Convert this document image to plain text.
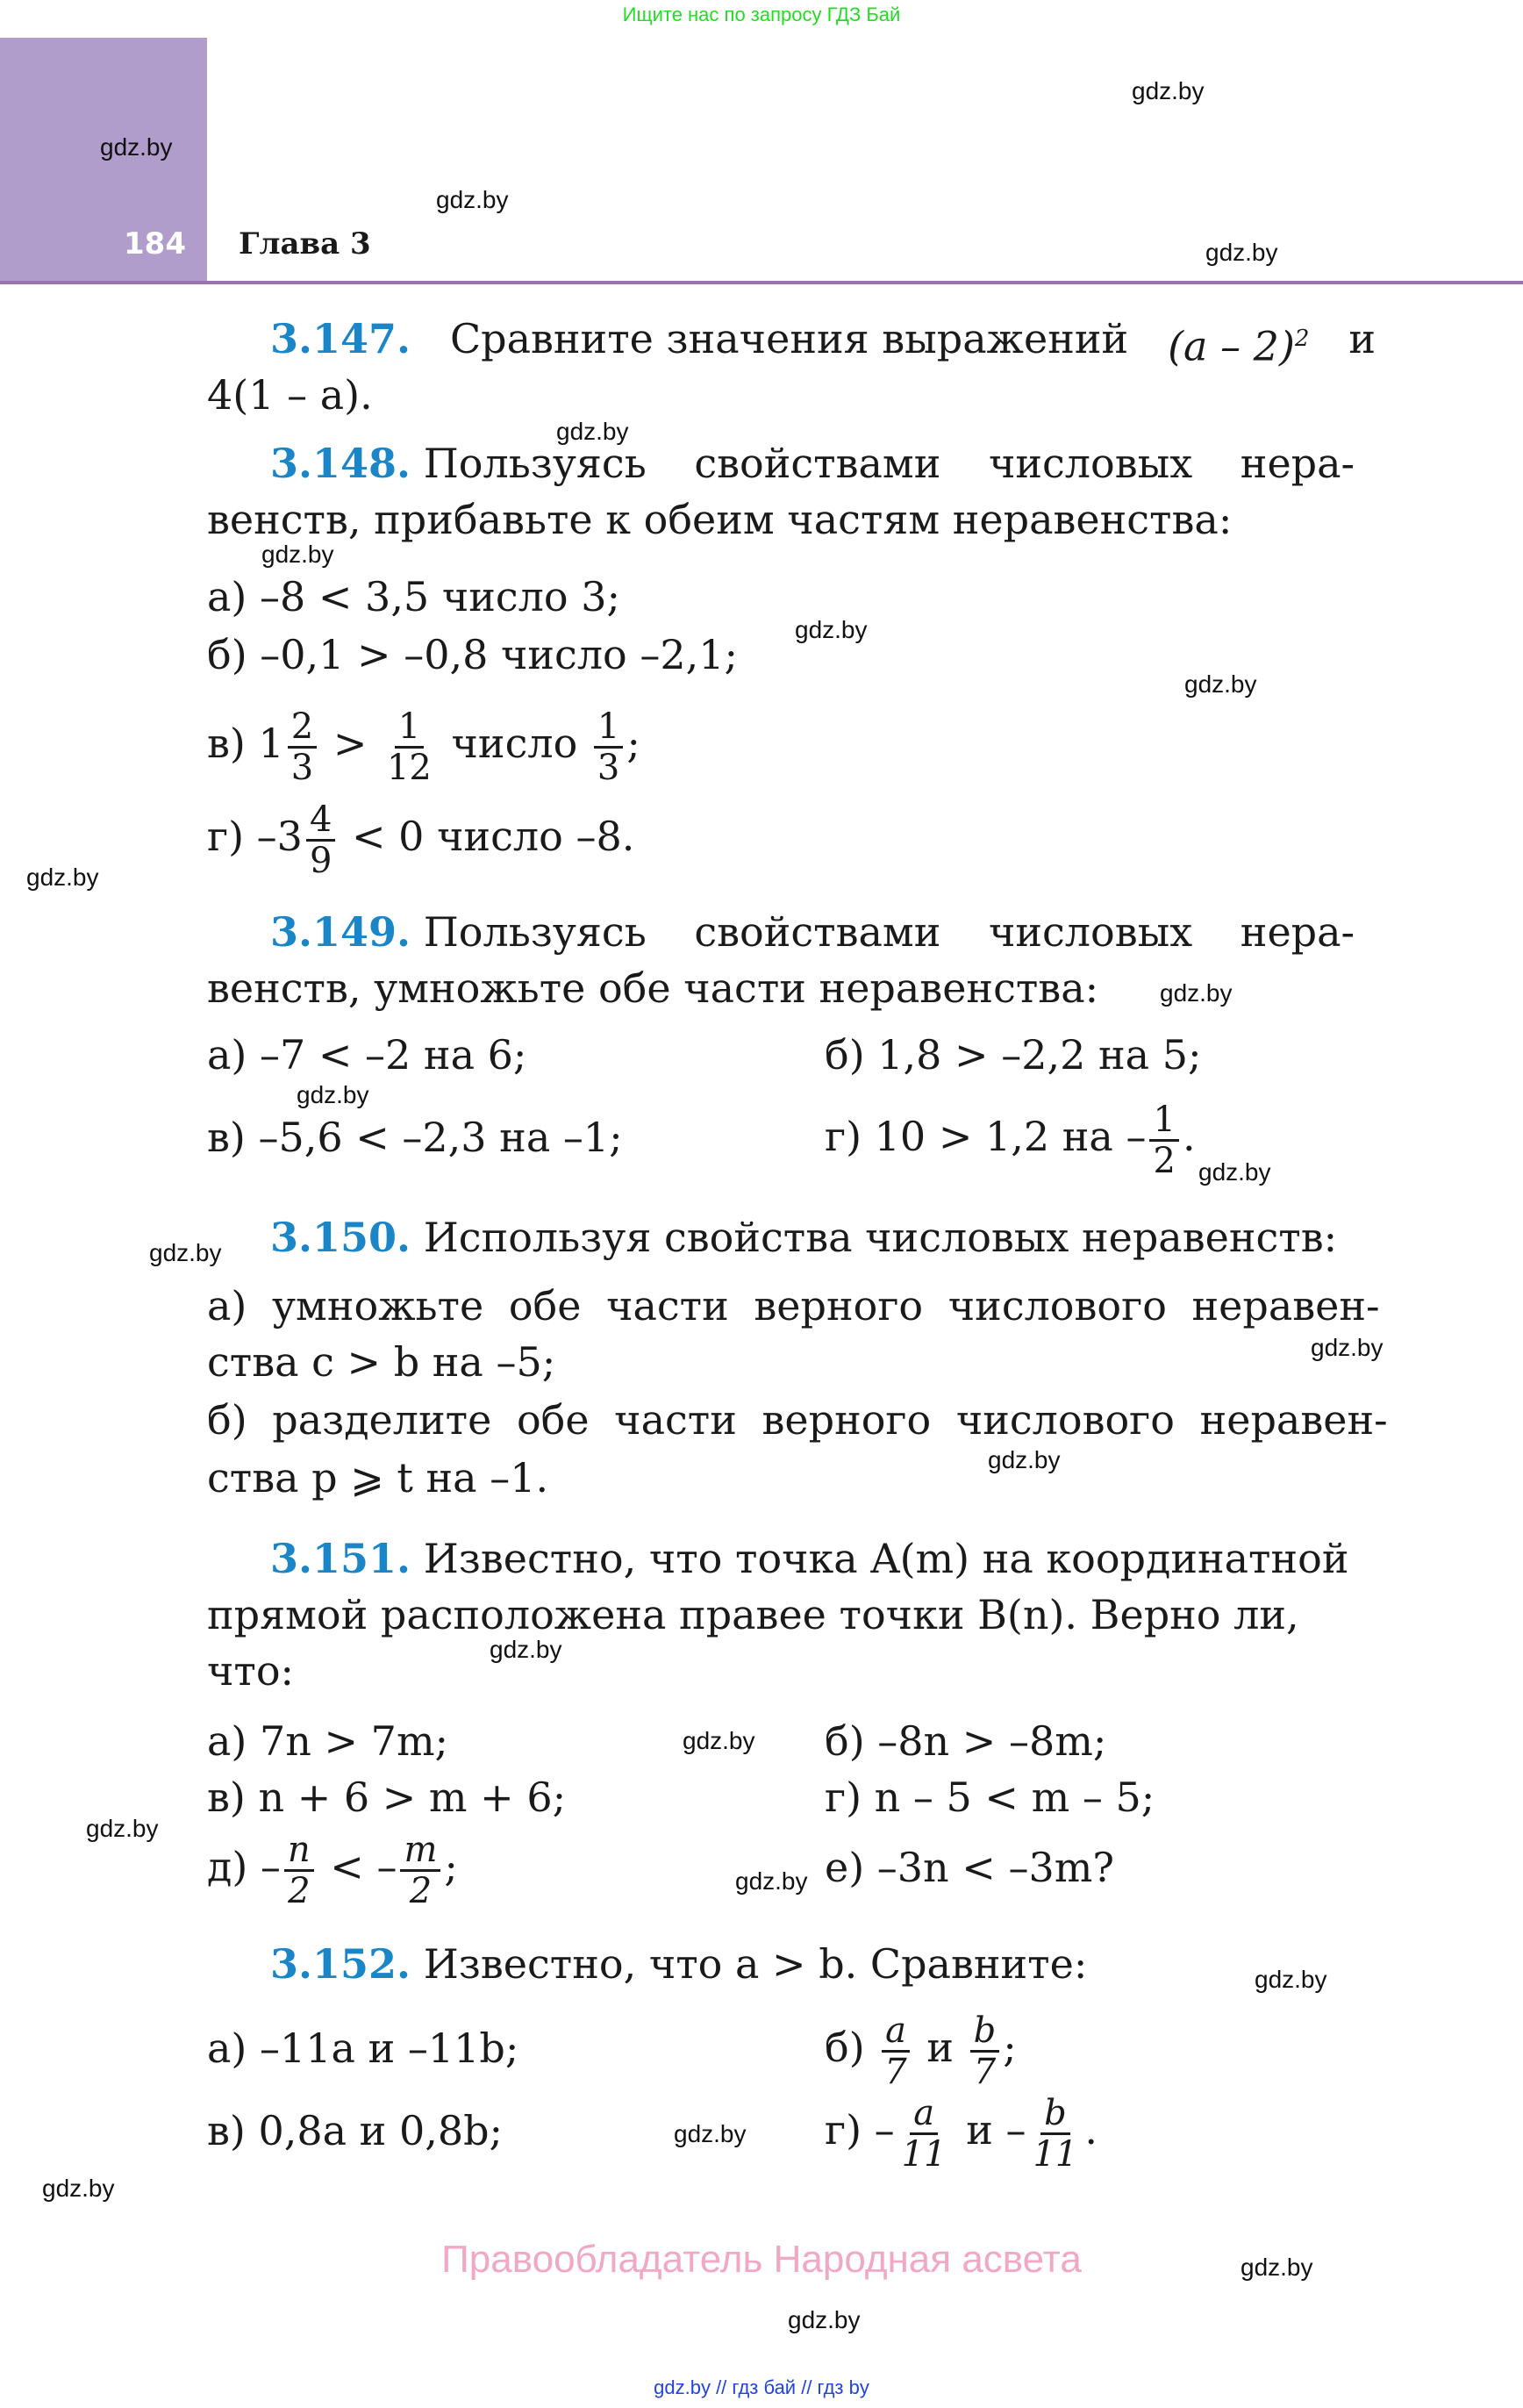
Ищите нас по запросу ГДЗ Бай
184 Глава 3
gdz.by
gdz.by
gdz.by
gdz.by
gdz.by
gdz.by
gdz.by
gdz.by
gdz.by
gdz.by
gdz.by
gdz.by
gdz.by
gdz.by
gdz.by
gdz.by
gdz.by
gdz.by
gdz.by
gdz.by
gdz.by
gdz.by
gdz.by
gdz.by
3.147. Сравните значения выражений (a – 2)$^2$ и
4(1 – a).
3.148. Пользуясь свойствами числовых нера-
венств, прибавьте к обеим частям неравенства:
а) –8 < 3,5 число 3;
б) –0,1 > –0,8 число –2,1;
в) $1 \frac{2}{3} > \frac{1}{12}$ число $\frac{1}{3}$ ;
г) $-3 \frac{4}{9} < 0$ число –8.
3.149. Пользуясь свойствами числовых нера-
венств, умножьте обе части неравенства:
а) –7 < –2 на 6;	б) 1,8 > –2,2 на 5;
в) –5,6 < –2,3 на –1;	г) 10 > 1,2 на – $\frac{1}{2}$ .
3.150. Используя свойства числовых неравенств:
а) умножьте обе части верного числового неравен-
ства c > b на –5;
б) разделите обе части верного числового неравен-
ства p ⩾ t на –1.
3.151. Известно, что точка A(m) на координатной
прямой расположена правее точки B(n). Верно ли,
что:
а) 7n > 7m;	б) –8n > –8m;
в) n + 6 > m + 6;	г) n – 5 < m – 5;
$д) - \frac{n}{2}$ < – $\frac{m}{2}$ ;	е) –3n < –3m?
3.152. Известно, что a > b. Сравните:
а) –11a и –11b;	$б) \frac{a}{7}$ и $\frac{b}{7}$ ;
в) 0,8a и 0,8b;	$г) - \frac{a}{11}$ и – $\frac{b}{11}$ .
Правообладатель Народная асвета
gdz.by // гдз бай // гдз by
